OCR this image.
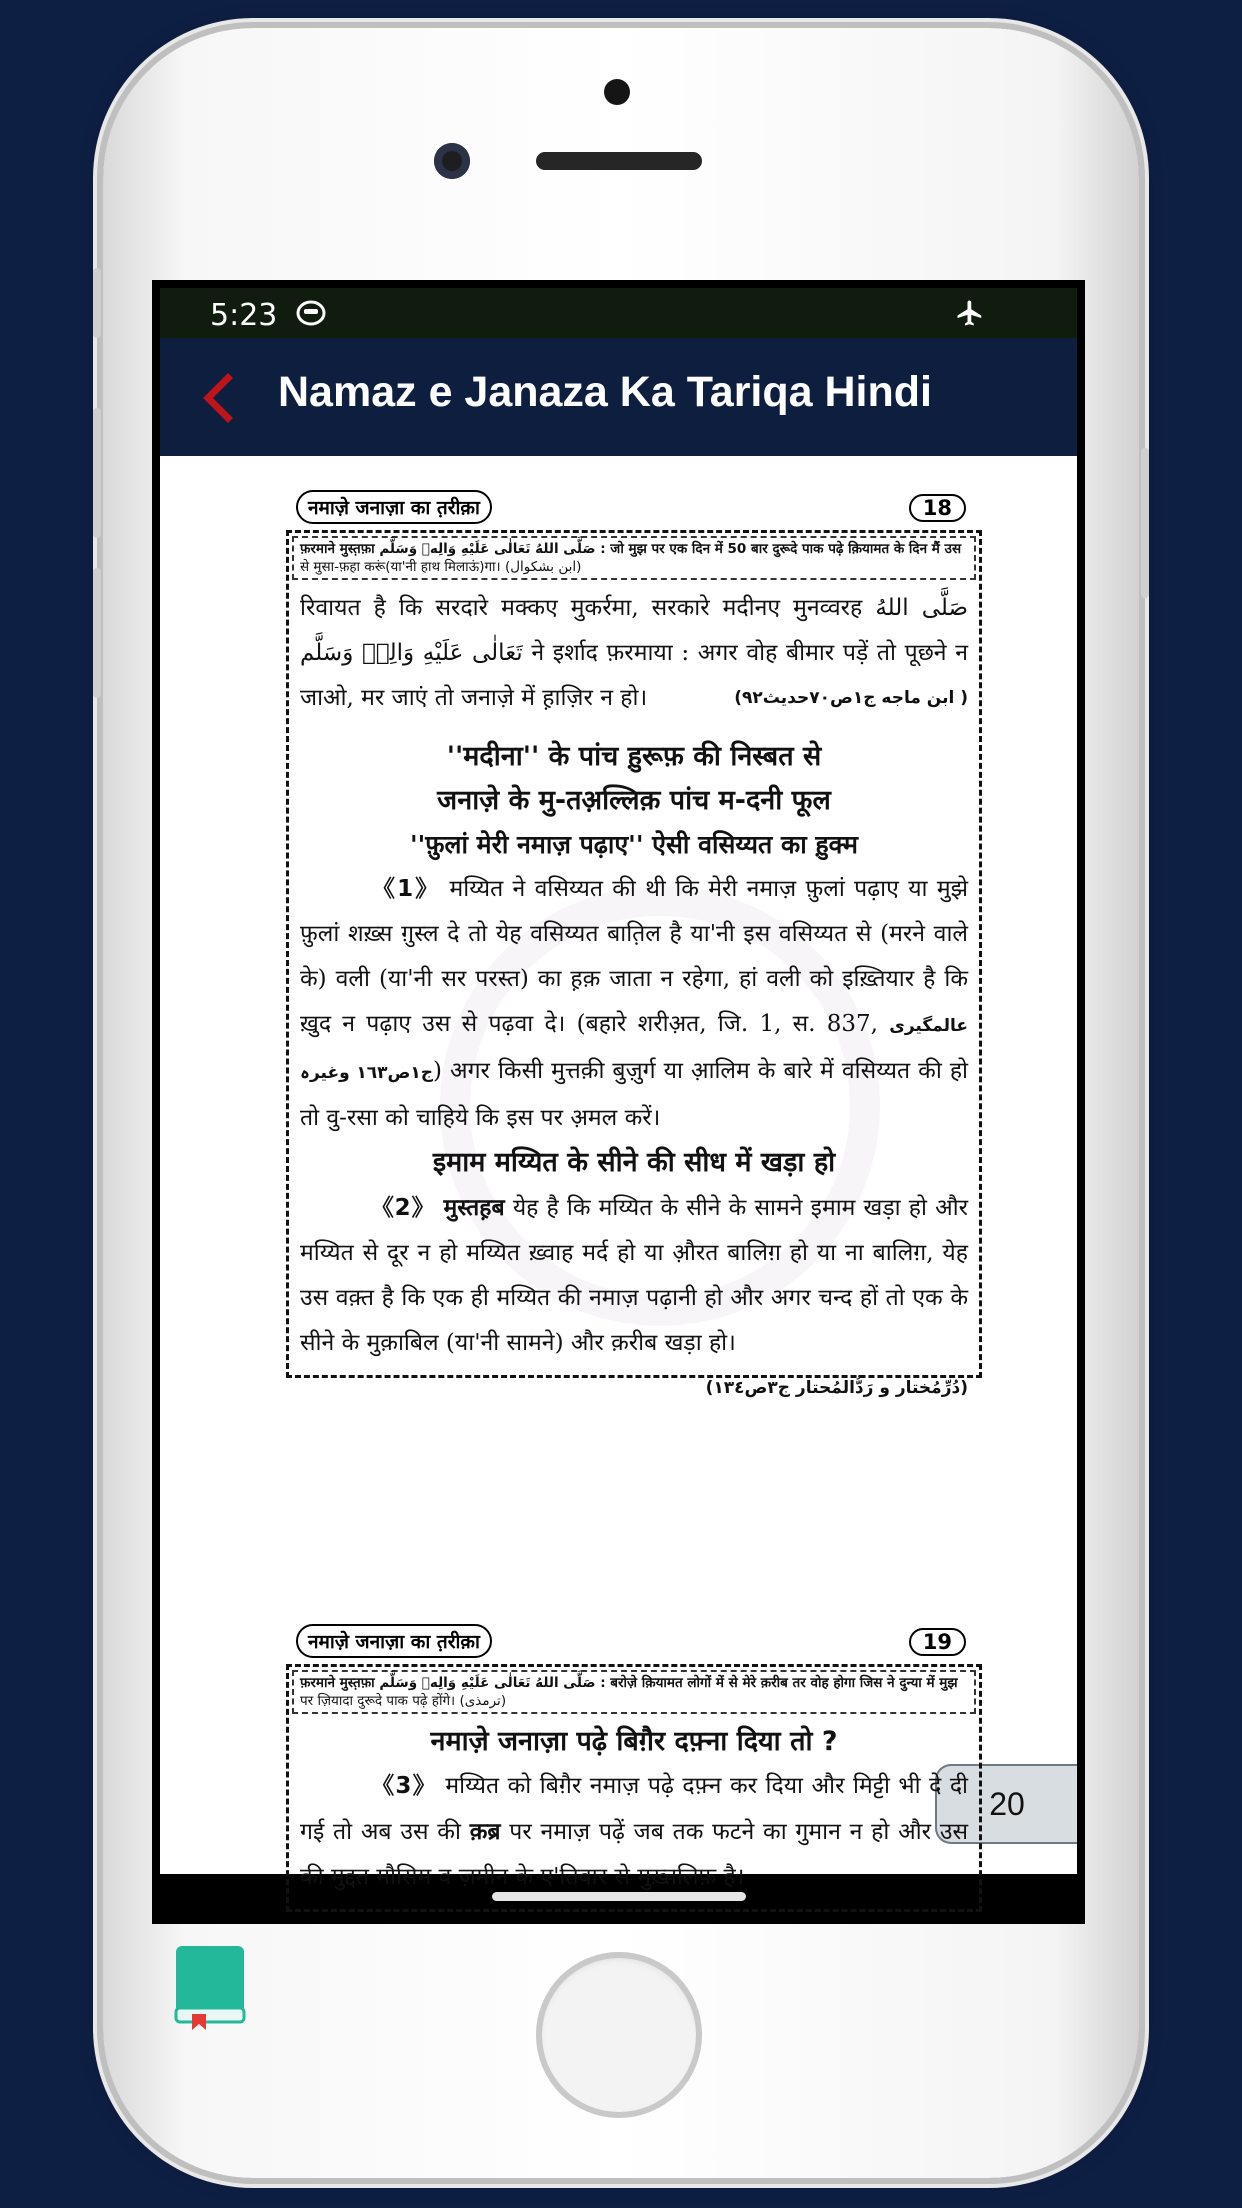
5:23
Namaz e Janaza Ka Tariqa Hindi
नमाज़े जनाज़ा का त़रीक़ा	18
फ़रमाने मुस्त़फ़ा صَلَّى اللهُ تَعَالٰى عَلَيْهِ وَالِهٖ وَسَلَّم : जो मुझ पर एक दिन में 50 बार दुरूदे पाक पढ़े क़ियामत के दिन मैं उस
से मुसा-फ़हा करूं(या'नी हाथ मिलाऊं)गा। (ابن بشكوال)
रिवायत है कि सरदारे मक्कए मुकर्रमा, सरकारे मदीनए मुनव्वरह صَلَّى اللهُ تَعَالٰى عَلَيْهِ وَالِهٖ وَسَلَّم ने इर्शाद फ़रमाया : अगर वोह बीमार पड़ें तो पूछने न जाओ, मर जाएं तो जनाज़े में ह़ाज़िर न हो।	( ابن ماجه ج١ص٧٠حديث٩٢)
''मदीना'' के पांच ह़ुरूफ़ की निस्बत से
जनाज़े के मु-तअ़ल्लिक़ पांच म-दनी फूल
''फ़ुलां मेरी नमाज़ पढ़ाए'' ऐसी वसिय्यत का ह़ुक्म
《1》 मय्यित ने वसिय्यत की थी कि मेरी नमाज़ फ़ुलां पढ़ाए या मुझे फ़ुलां शख़्स ग़ुस्ल दे तो येह वसिय्यत बात़िल है या'नी इस वसिय्यत से (मरने वाले के) वली (या'नी सर परस्त) का ह़क़ जाता न रहेगा, हां वली को इख़्तियार है कि ख़ुद न पढ़ाए उस से पढ़वा दे। (बहारे शरीअ़त, जि. 1, स. 837, عالمگیری ج١ص١٦٣ وغیرہ) अगर किसी मुत्तक़ी बुज़ुर्ग या आ़लिम के बारे में वसिय्यत की हो तो वु-रसा को चाहिये कि इस पर अ़मल करें।
इमाम मय्यित के सीने की सीध में खड़ा हो
《2》 मुस्तह़ब येह है कि मय्यित के सीने के सामने इमाम खड़ा हो और मय्यित से दूर न हो मय्यित ख़्वाह मर्द हो या औ़रत बालिग़ हो या ना बालिग़, येह उस वक़्त है कि एक ही मय्यित की नमाज़ पढ़ानी हो और अगर चन्द हों तो एक के सीने के मुक़ाबिल (या'नी सामने) और क़रीब खड़ा हो।
(دُرِّمُختار و رَدُّالمُحتار ج٣ص١٣٤)
20
नमाज़े जनाज़ा का त़रीक़ा	19
फ़रमाने मुस्त़फ़ा صَلَّى اللهُ تَعَالٰى عَلَيْهِ وَالِهٖ وَسَلَّم : बरोज़े क़ियामत लोगों में से मेरे क़रीब तर वोह होगा जिस ने दुन्या में मुझ
पर ज़ियादा दुरूदे पाक पढ़े होंगे। (ترمذی)
नमाज़े जनाज़ा पढ़े बिग़ैर दफ़्ना दिया तो ?
《3》 मय्यित को बिग़ैर नमाज़ पढ़े दफ़्न कर दिया और मिट्टी भी दे दी गई तो अब उस की क़ब्र पर नमाज़ पढ़ें जब तक फटने का गुमान न हो और उस की मुद्दत मौसिम व ज़मीन के ए'तिबार से मुख़्तलिफ़ है।
